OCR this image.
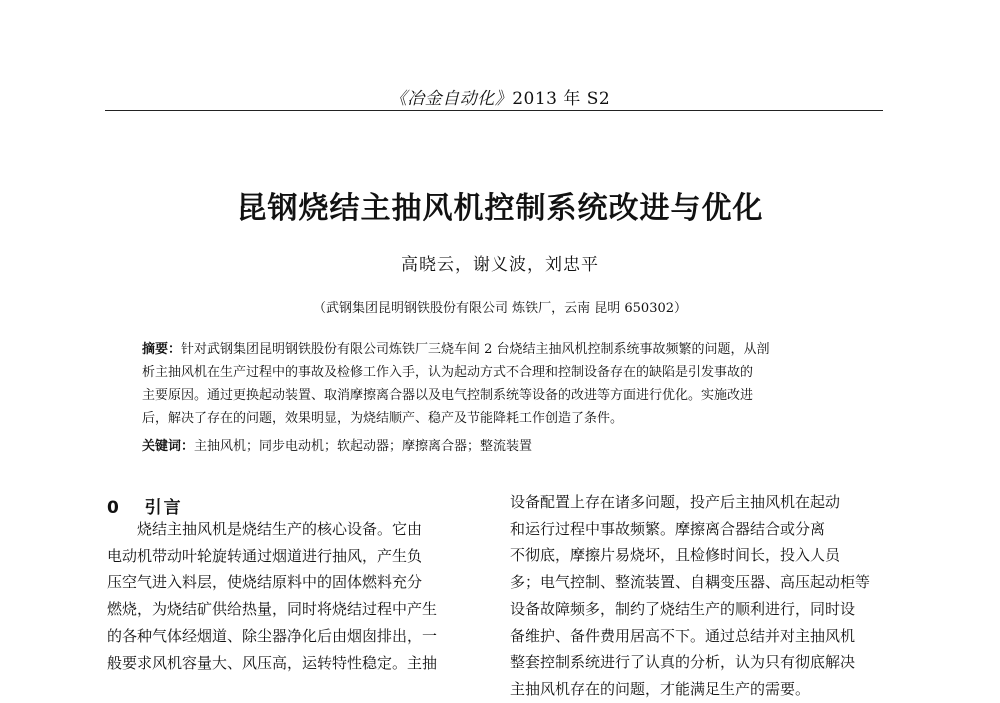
《冶金自动化》2013 年 S2
昆钢烧结主抽风机控制系统改进与优化
高晓云，谢义波，刘忠平
（武钢集团昆明钢铁股份有限公司 炼铁厂，云南 昆明 650302）

摘要：针对武钢集团昆明钢铁股份有限公司炼铁厂三烧车间 2 台烧结主抽风机控制系统事故频繁的问题，从剖

析主抽风机在生产过程中的事故及检修工作入手，认为起动方式不合理和控制设备存在的缺陷是引发事故的

主要原因。通过更换起动装置、取消摩擦离合器以及电气控制系统等设备的改进等方面进行优化。实施改进

后，解决了存在的问题，效果明显，为烧结顺产、稳产及节能降耗工作创造了条件。

关键词：主抽风机；同步电动机；软起动器；摩擦离合器；整流装置
0 引言
烧结主抽风机是烧结生产的核心设备。它由
电动机带动叶轮旋转通过烟道进行抽风，产生负
压空气进入料层，使烧结原料中的固体燃料充分
燃烧，为烧结矿供给热量，同时将烧结过程中产生
的各种气体经烟道、除尘器净化后由烟囱排出，一
般要求风机容量大、风压高，运转特性稳定。主抽
设备配置上存在诸多问题，投产后主抽风机在起动
和运行过程中事故频繁。摩擦离合器结合或分离
不彻底，摩擦片易烧坏，且检修时间长，投入人员
多；电气控制、整流装置、自耦变压器、高压起动柜等
设备故障频多，制约了烧结生产的顺利进行，同时设
备维护、备件费用居高不下。通过总结并对主抽风机
整套控制系统进行了认真的分析，认为只有彻底解决
主抽风机存在的问题，才能满足生产的需要。
